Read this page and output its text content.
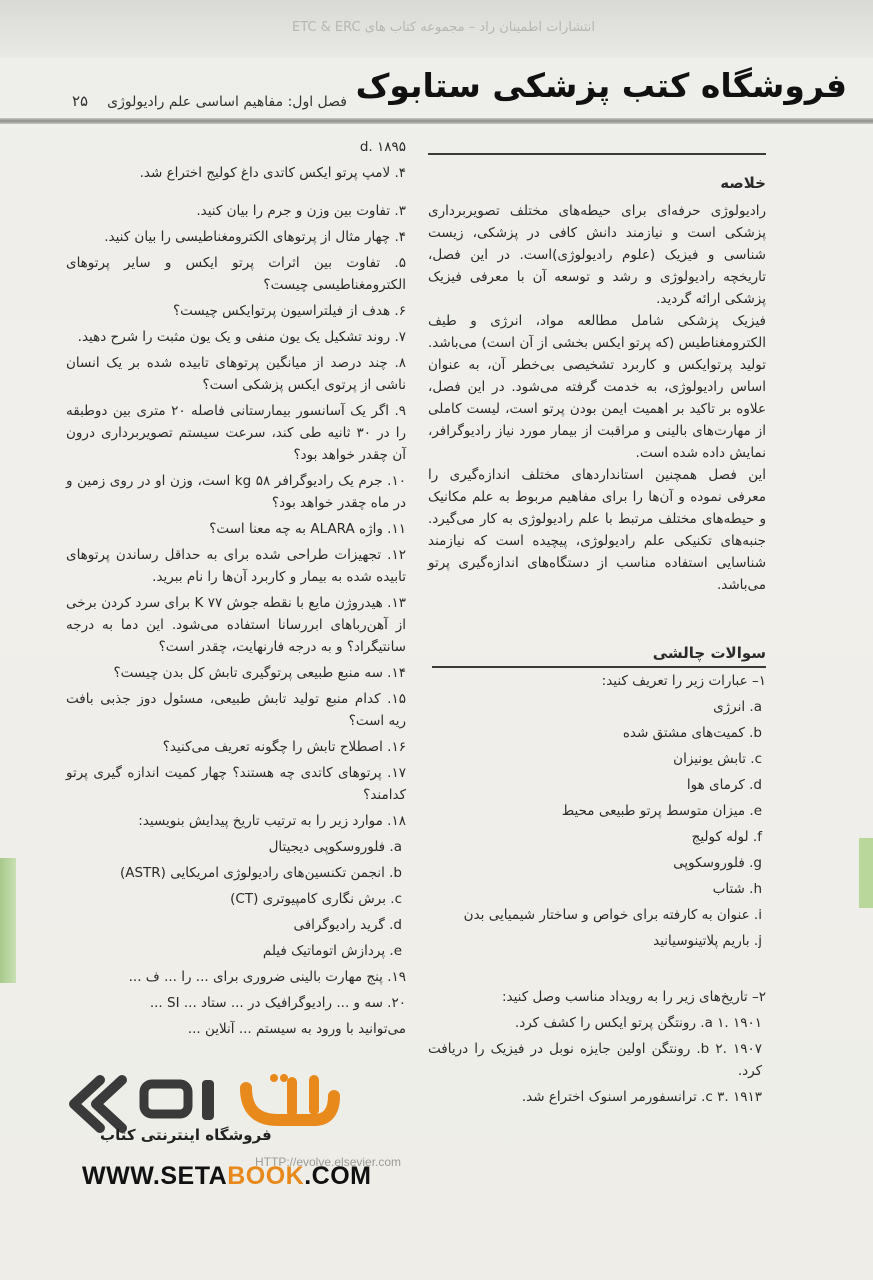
انتشارات اطمینان راد – مجموعه کتاب های ETC & ERC
فروشگاه کتب پزشکی ستابوک
فصل اول: مفاهیم اساسی علم رادیولوژی
۲۵

۱۸۹۵ .d

۴. لامپ پرتو ایکس کاتدی داغ کولیج اختراع شد.

۳. تفاوت بین وزن و جرم را بیان کنید.

۴. چهار مثال از پرتوهای الکترومغناطیسی را بیان کنید.

۵. تفاوت بین اثرات پرتو ایکس و سایر پرتوهای الکترومغناطیسی چیست؟

۶. هدف از فیلتراسیون پرتوایکس چیست؟

۷. روند تشکیل یک یون منفی و یک یون مثبت را شرح دهید.

۸. چند درصد از میانگین پرتوهای تابیده شده بر یک انسان ناشی از پرتوی ایکس پزشکی است؟

۹. اگر یک آسانسور بیمارستانی فاصله ۲۰ متری بین دوطبقه را در ۳۰ ثانیه طی کند، سرعت سیستم تصویربرداری درون آن چقدر خواهد بود؟

۱۰. جرم یک رادیوگرافر ۵۸ kg است، وزن او در روی زمین و در ماه چقدر خواهد بود؟

۱۱. واژه ALARA به چه معنا است؟

۱۲. تجهیزات طراحی شده برای به حداقل رساندن پرتوهای تابیده شده به بیمار و کاربرد آن‌ها را نام ببرید.

۱۳. هیدروژن مایع با نقطه جوش ۷۷ K برای سرد کردن برخی از آهن‌رباهای ابررسانا استفاده می‌شود. این دما به درجه سانتیگراد؟ و به درجه فارنهایت، چقدر است؟

۱۴. سه منبع طبیعی پرتوگیری تابش کل بدن چیست؟

۱۵. کدام منبع تولید تابش طبیعی، مسئول دوز جذبی بافت ریه است؟

۱۶. اصطلاح تابش را چگونه تعریف می‌کنید؟

۱۷. پرتوهای کاتدی چه هستند؟ چهار کمیت اندازه گیری پرتو کدامند؟

۱۸. موارد زیر را به ترتیب تاریخ پیدایش بنویسید:

a. فلوروسکوپی دیجیتال

b. انجمن تکنسین‌های رادیولوژی امریکایی (ASTR)

c. برش نگاری کامپیوتری (CT)

d. گرید رادیوگرافی

e. پردازش اتوماتیک فیلم

۱۹. پنج مهارت بالینی ضروری برای ... را ... ف ...

۲۰. سه و ... رادیوگرافیک در ... ستاد ... SI ...

می‌توانید با ورود به سیستم ... آنلاین ...

خلاصه

رادیولوژی حرفه‌ای برای حیطه‌های مختلف تصویربرداری پزشکی است و نیازمند دانش کافی در پزشکی، زیست شناسی و فیزیک (علوم رادیولوژی)است. در این فصل، تاریخچه رادیولوژی و رشد و توسعه آن با معرفی فیزیک پزشکی ارائه گردید.

فیزیک پزشکی شامل مطالعه مواد، انرژی و طیف الکترومغناطیس (که پرتو ایکس بخشی از آن است) می‌باشد. تولید پرتوایکس و کاربرد تشخیصی بی‌خطر آن، به عنوان اساس رادیولوژی، به خدمت گرفته می‌شود. در این فصل، علاوه بر تاکید بر اهمیت ایمن بودن پرتو است، لیست کاملی از مهارت‌های بالینی و مراقبت از بیمار مورد نیاز رادیوگرافر، نمایش داده شده است.

این فصل همچنین استانداردهای مختلف اندازه‌گیری را معرفی نموده و آن‌ها را برای مفاهیم مربوط به علم مکانیک و حیطه‌های مختلف مرتبط با علم رادیولوژی به کار می‌گیرد. جنبه‌های تکنیکی علم رادیولوژی، پیچیده است که نیازمند شناسایی استفاده مناسب از دستگاه‌های اندازه‌گیری پرتو می‌باشد.

سوالات چالشی

۱– عبارات زیر را تعریف کنید:

a. انرژی

b. کمیت‌های مشتق شده

c. تابش یونیزان

d. کرمای هوا

e. میزان متوسط پرتو طبیعی محیط

f. لوله کولیج

g. فلوروسکوپی

h. شتاب

i. عنوان به کارفته برای خواص و ساختار شیمیایی بدن

j. باریم پلاتینوسیانید

۲– تاریخ‌های زیر را به رویداد مناسب وصل کنید:

۱۹۰۱ .a ۱. رونتگن پرتو ایکس را کشف کرد.

۱۹۰۷ .b ۲. رونتگن اولین جایزه نوبل در فیزیک را دریافت کرد.

۱۹۱۳ .c ۳. ترانسفورمر اسنوک اختراع شد.

فروشگاه اینترنتی کتاب
HTTP://evolve.elsevier.com
WWW.SETABOOK.COM
